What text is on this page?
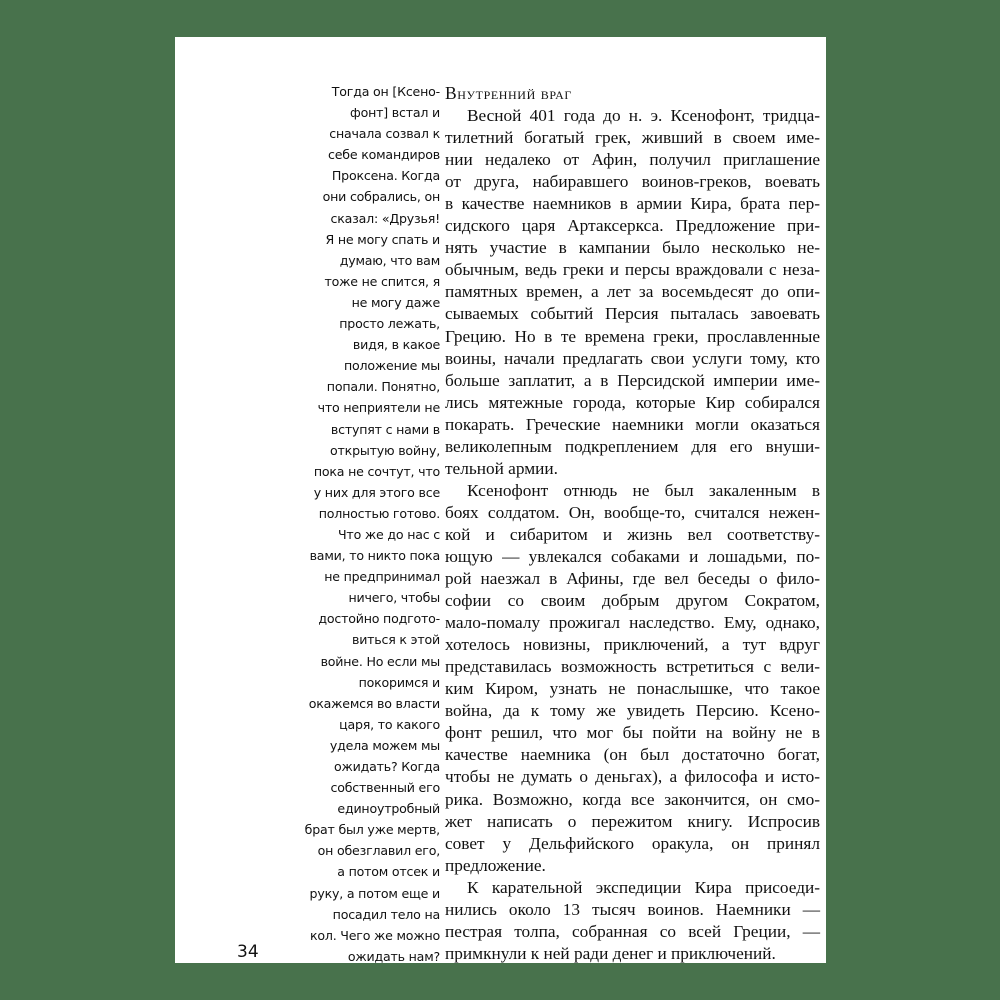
Тогда он [Ксено-
фонт] встал и
сначала созвал к
себе командиров
Проксена. Когда
они собрались, он
сказал: «Друзья!
Я не могу спать и
думаю, что вам
тоже не спится, я
не могу даже
просто лежать,
видя, в какое
положение мы
попали. Понятно,
что неприятели не
вступят с нами в
открытую войну,
пока не сочтут, что
у них для этого все
полностью готово.
Что же до нас с
вами, то никто пока
не предпринимал
ничего, чтобы
достойно подгото-
виться к этой
войне. Но если мы
покоримся и
окажемся во власти
царя, то какого
удела можем мы
ожидать? Когда
собственный его
единоутробный
брат был уже мертв,
он обезглавил его,
а потом отсек и
руку, а потом еще и
посадил тело на
кол. Чего же можно
ожидать нам?
Внутренний враг
Весной 401 года до н. э. Ксенофонт, тридца-
тилетний богатый грек, живший в своем име-
нии недалеко от Афин, получил приглашение
от друга, набиравшего воинов-греков, воевать
в качестве наемников в армии Кира, брата пер-
сидского царя Артаксеркса. Предложение при-
нять участие в кампании было несколько не-
обычным, ведь греки и персы враждовали с неза-
памятных времен, а лет за восемьдесят до опи-
сываемых событий Персия пыталась завоевать
Грецию. Но в те времена греки, прославленные
воины, начали предлагать свои услуги тому, кто
больше заплатит, а в Персидской империи име-
лись мятежные города, которые Кир собирался
покарать. Греческие наемники могли оказаться
великолепным подкреплением для его внуши-
тельной армии.
Ксенофонт отнюдь не был закаленным в
боях солдатом. Он, вообще-то, считался нежен-
кой и сибаритом и жизнь вел соответству-
ющую — увлекался собаками и лошадьми, по-
рой наезжал в Афины, где вел беседы о фило-
софии со своим добрым другом Сократом,
мало-помалу прожигал наследство. Ему, однако,
хотелось новизны, приключений, а тут вдруг
представилась возможность встретиться с вели-
ким Киром, узнать не понаслышке, что такое
война, да к тому же увидеть Персию. Ксено-
фонт решил, что мог бы пойти на войну не в
качестве наемника (он был достаточно богат,
чтобы не думать о деньгах), а философа и исто-
рика. Возможно, когда все закончится, он смо-
жет написать о пережитом книгу. Испросив
совет у Дельфийского оракула, он принял
предложение.
К карательной экспедиции Кира присоеди-
нились около 13 тысяч воинов. Наемники —
пестрая толпа, собранная со всей Греции, —
примкнули к ней ради денег и приключений.
34
